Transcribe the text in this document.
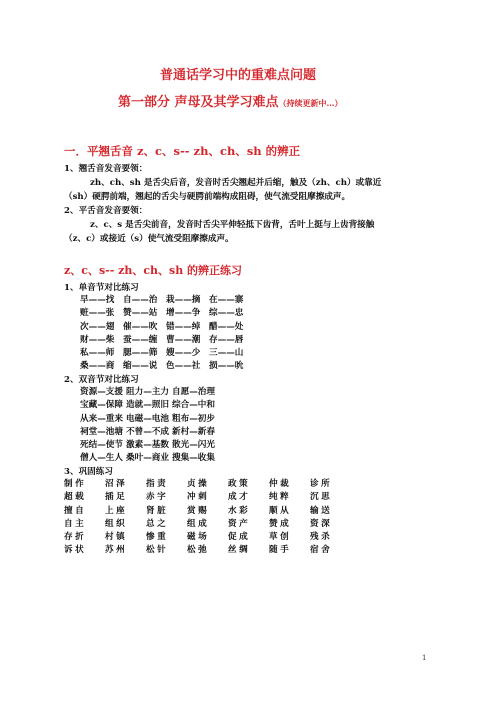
普通话学习中的重难点问题
第一部分 声母及其学习难点（持续更新中…）
一．平翘舌音 z、c、s-- zh、ch、sh 的辨正
1、翘舌音发音要领：
zh、ch、sh 是舌尖后音，发音时舌尖翘起并后缩，触及（zh、ch）或靠近
（sh）硬腭前端，翘起的舌尖与硬腭前端构成阻碍，使气流受阻摩擦成声。
2、平舌音发音要领：
z、c、s 是舌尖前音，发音时舌尖平伸轻抵下齿背，舌叶上挺与上齿背接触
（z、c）或接近（s）使气流受阻摩擦成声。
z、c、s-- zh、ch、sh 的辨正练习
1、单音节对比练习
早——找 自——治 栽——摘 在——寨
赃——张 赞——站 增——争 综——忠
次——翅 催——吹 错——绰 醋——处
财——柴 蚕——缠 曹——潮 存——唇
私——师 腮——筛 嫂——少 三——山
桑——商 缩——说 色——社 损——吮
2、双音节对比练习
资源—支援 阻力—主力 自愿—治理
宝藏—保障 造就—照旧 综合—中和
从来—重来 电磁—电池 粗布—初步
祠堂—池塘 不曾—不成 新村—新春
死结—使节 激素—基数 散光—闪光
僧人—生人 桑叶—商业 搜集—收集
3、巩固练习
制作 沼泽 指责 贞操 政策 仲裁 诊所
超载 插足 赤字 冲刺 成才 纯粹 沉思
擅自 上座 肾脏 赏赐 水彩 顺从 输送
自主 组织 总之 组成 资产 赞成 资深
存折 村镇 惨重 磁场 促成 草创 残杀
诉状 苏州 松针 松弛 丝绸 随手 宿舍
1
